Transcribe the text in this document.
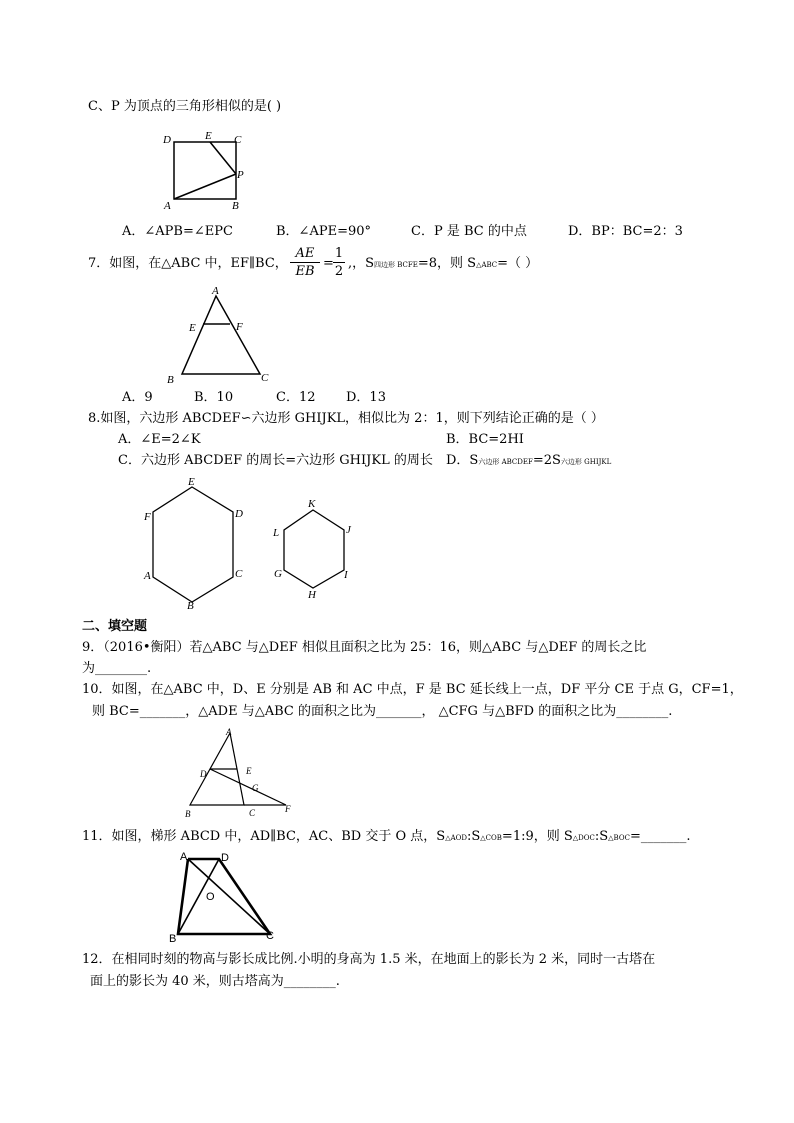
C、P 为顶点的三角形相似的是( )
D	E C
P
A	B
A．∠APB=∠EPC	B．∠APE=90°	C．P 是 BC 的中点	D．BP：BC=2：3
7．如图，在△ABC 中，EF∥BC， $\frac{AE}{EB} = \frac{1}{2}$ ,，S四边形 BCFE=8，则 S△ABC=（ ）
A
E	F
B	C
A．9	B．10	C．12 D．13
8.如图，六边形 ABCDEF∽六边形 GHIJKL，相似比为 2：1，则下列结论正确的是（ ）
A．∠E=2∠K	B．BC=2HI
C．六边形 ABCDEF 的周长=六边形 GHIJKL 的周长 D．S六边形 ABCDEF=2S六边形 GHIJKL
E
F	D
A	C
B
K
L	J
G	I
H
二、填空题
9．（2016•衡阳）若△ABC 与△DEF 相似且面积之比为 25：16，则△ABC 与△DEF 的周长之比
为________.
10．如图，在△ABC 中，D、E 分别是 AB 和 AC 中点，F 是 BC 延长线上一点，DF 平分 CE 于点 G，CF=1，
则 BC=_______，△ADE 与△ABC 的面积之比为_______， △CFG 与△BFD 的面积之比为________.
A
D	E
G
B	C	F
11．如图，梯形 ABCD 中，AD∥BC，AC、BD 交于 O 点，S△AOD:S△COB=1:9，则 S△DOC:S△BOC=_______.
A	D
O
B	C
12．在相同时刻的物高与影长成比例.小明的身高为 1.5 米，在地面上的影长为 2 米，同时一古塔在
面上的影长为 40 米，则古塔高为________.
